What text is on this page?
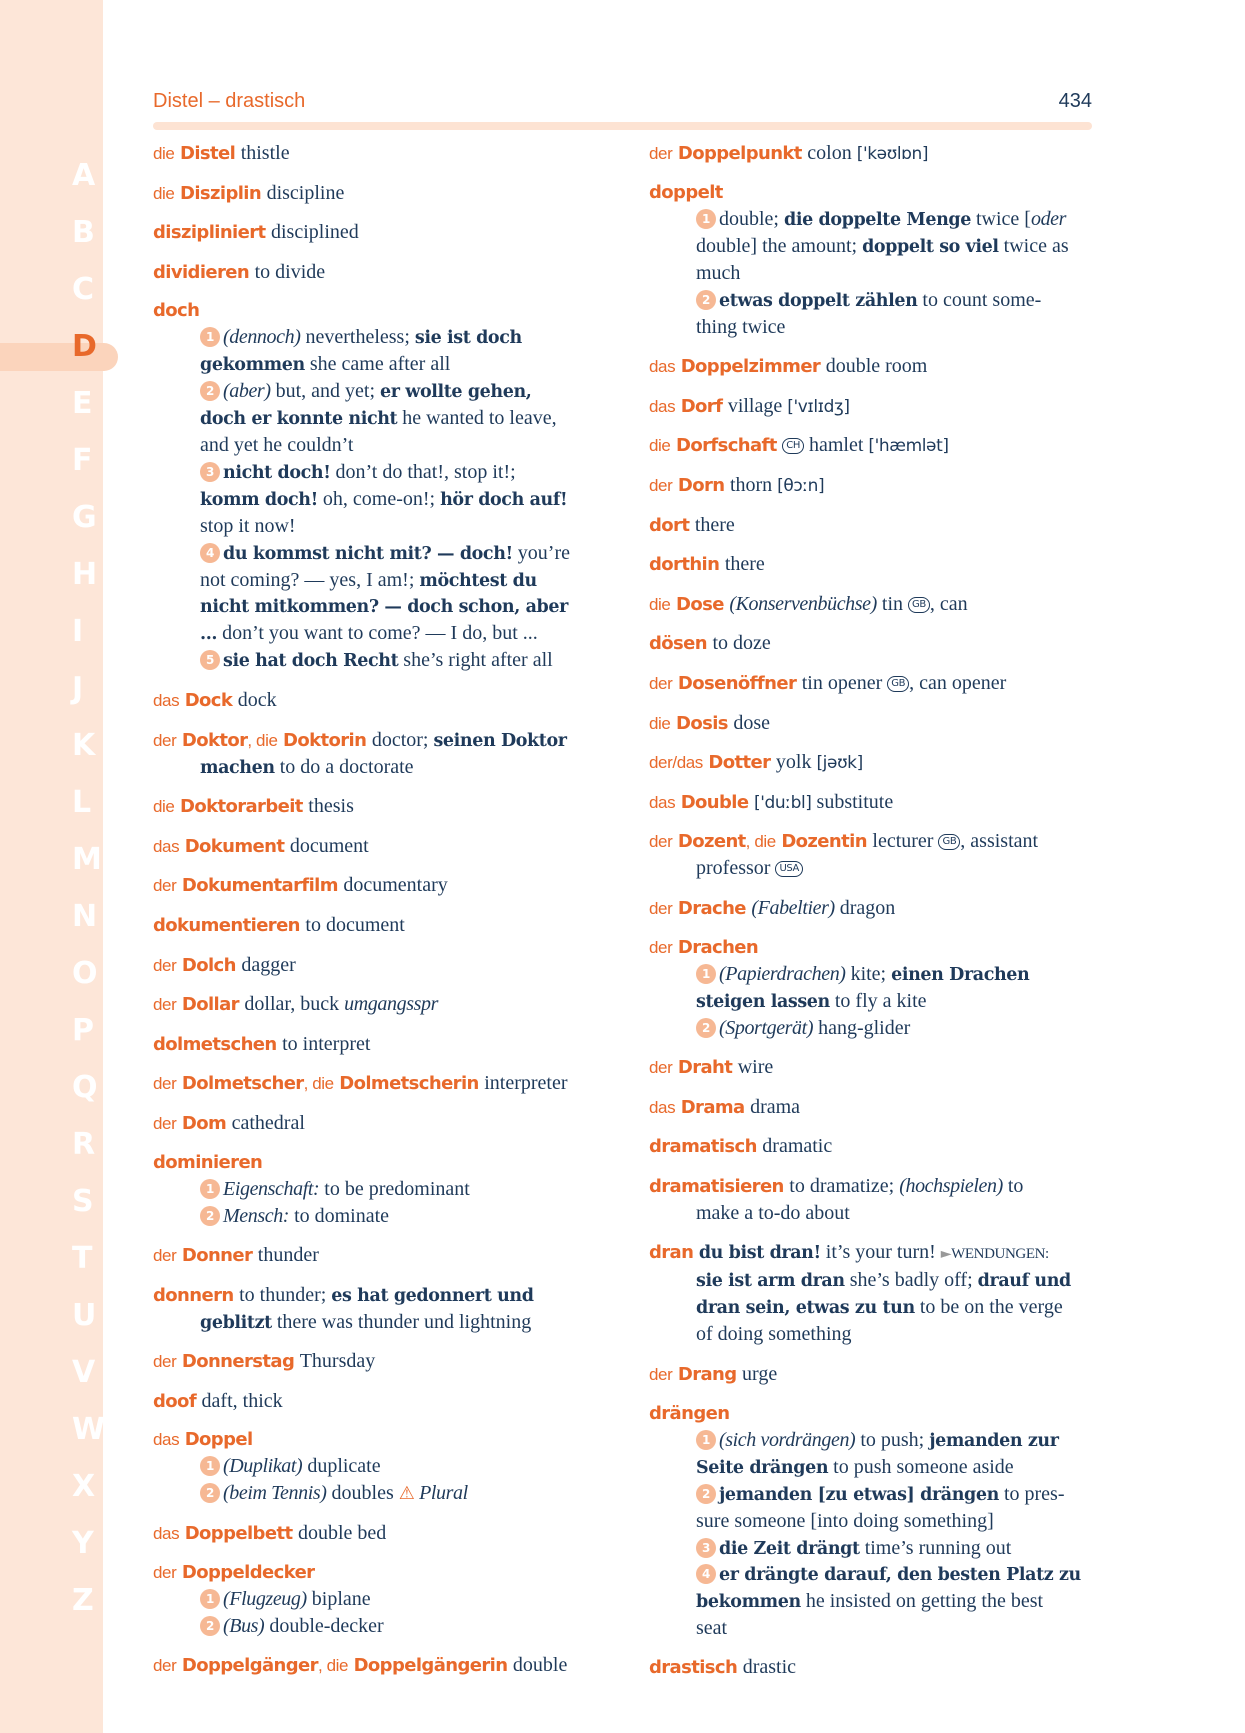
A
B
C
D
E
F
G
H
I
J
K
L
M
N
O
P
Q
R
S
T
U
V
W
X
Y
Z
Distel – drastisch	434
die Distel thistle
die Disziplin discipline
diszipliniert disciplined
dividieren to divide
doch
1 (dennoch) nevertheless; sie ist doch
gekommen she came after all
2 (aber) but, and yet; er wollte gehen,
doch er konnte nicht he wanted to leave,
and yet he couldn’t
3 nicht doch! don’t do that!, stop it!;
komm doch! oh, come-on!; hör doch auf!
stop it now!
4 du kommst nicht mit? — doch! you’re
not coming? — yes, I am!; möchtest du
nicht mitkommen? — doch schon, aber
... don’t you want to come? — I do, but ...
5 sie hat doch Recht she’s right after all
das Dock dock
der Doktor, die Doktorin doctor; seinen Doktor
machen to do a doctorate
die Doktorarbeit thesis
das Dokument document
der Dokumentarfilm documentary
dokumentieren to document
der Dolch dagger
der Dollar dollar, buck umgangsspr
dolmetschen to interpret
der Dolmetscher, die Dolmetscherin interpreter
der Dom cathedral
dominieren
1 Eigenschaft: to be predominant
2 Mensch: to dominate
der Donner thunder
donnern to thunder; es hat gedonnert und
geblitzt there was thunder und lightning
der Donnerstag Thursday
doof daft, thick
das Doppel
1 (Duplikat) duplicate
2 (beim Tennis) doubles ⚠ Plural
das Doppelbett double bed
der Doppeldecker
1 (Flugzeug) biplane
2 (Bus) double-decker
der Doppelgänger, die Doppelgängerin double
der Doppelpunkt colon ['kəʊlɒn]
doppelt
1 double; die doppelte Menge twice [oder
double] the amount; doppelt so viel twice as
much
2 etwas doppelt zählen to count some-
thing twice
das Doppelzimmer double room
das Dorf village ['vɪlɪdʒ]
die Dorfschaft CH hamlet ['hæmlət]
der Dorn thorn [θɔːn]
dort there
dorthin there
die Dose (Konservenbüchse) tin GB , can
dösen to doze
der Dosenöffner tin opener GB , can opener
die Dosis dose
der/das Dotter yolk [jəʊk]
das Double ['duːbl] substitute
der Dozent, die Dozentin lecturer GB , assistant
professor USA
der Drache (Fabeltier) dragon
der Drachen
1 (Papierdrachen) kite; einen Drachen
steigen lassen to fly a kite
2 (Sportgerät) hang-glider
der Draht wire
das Drama drama
dramatisch dramatic
dramatisieren to dramatize; (hochspielen) to
make a to-do about
dran du bist dran! it’s your turn! ►WENDUNGEN:
sie ist arm dran she’s badly off; drauf und
dran sein, etwas zu tun to be on the verge
of doing something
der Drang urge
drängen
1 (sich vordrängen) to push; jemanden zur
Seite drängen to push someone aside
2 jemanden [zu etwas] drängen to pres-
sure someone [into doing something]
3 die Zeit drängt time’s running out
4 er drängte darauf, den besten Platz zu
bekommen he insisted on getting the best
seat
drastisch drastic
